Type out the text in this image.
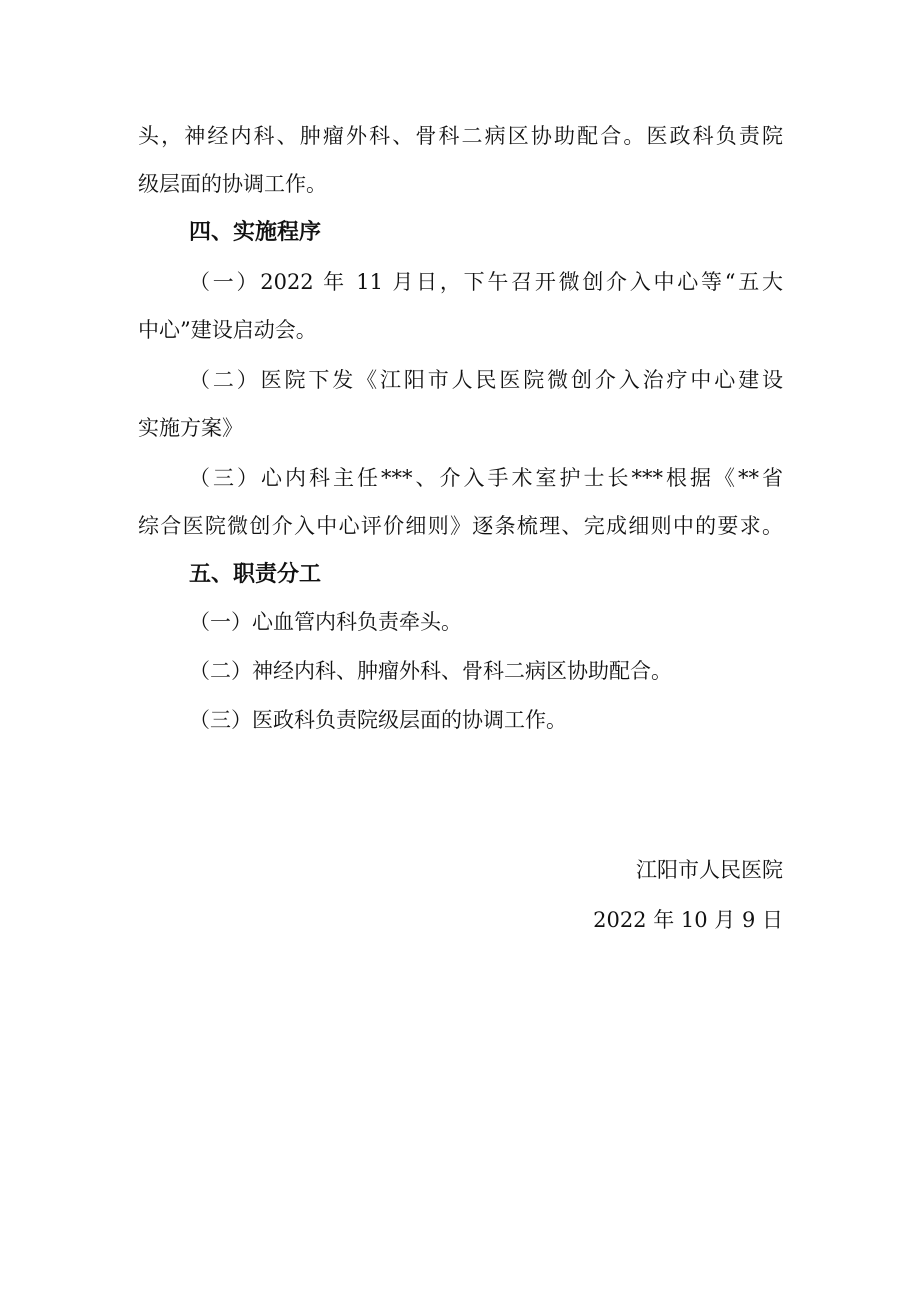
头，神经内科、肿瘤外科、骨科二病区协助配合。医政科负责院
级层面的协调工作。
四、实施程序
（一）2022 年 11 月日，下午召开微创介入中心等“五大
中心”建设启动会。
（二）医院下发《江阳市人民医院微创介入治疗中心建设
实施方案》
（三）心内科主任***、介入手术室护士长***根据《**省
综合医院微创介入中心评价细则》逐条梳理、完成细则中的要求。
五、职责分工
（一）心血管内科负责牵头。
（二）神经内科、肿瘤外科、骨科二病区协助配合。
（三）医政科负责院级层面的协调工作。
江阳市人民医院
2022 年 10 月 9 日
